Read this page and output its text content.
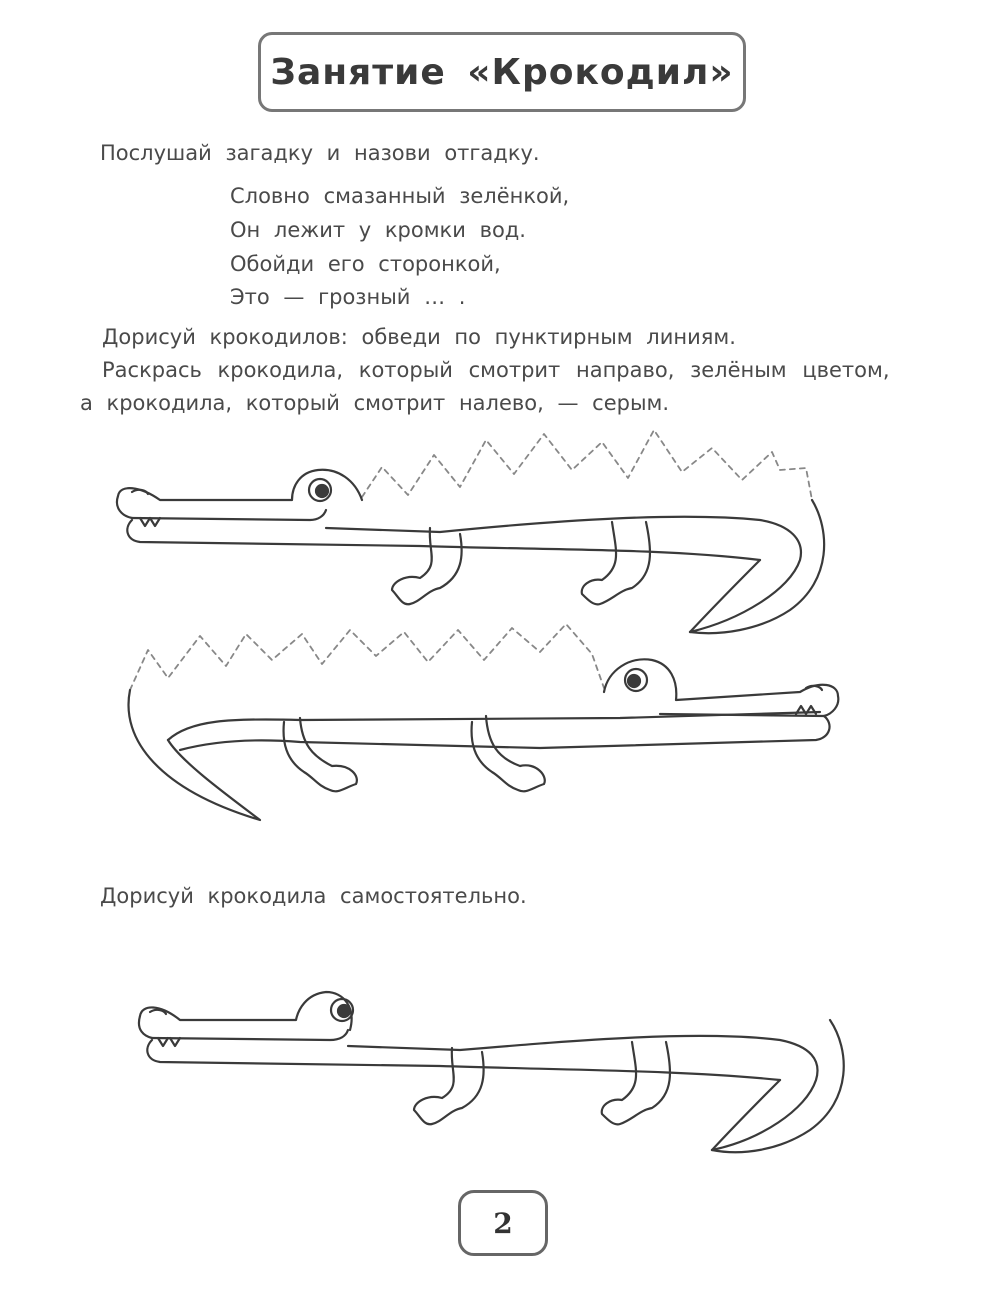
Занятие «Крокодил»
Послушай загадку и назови отгадку.
Словно смазанный зелёнкой,
Он лежит у кромки вод.
Обойди его сторонкой,
Это — грозный … .
Дорисуй крокодилов: обведи по пунктирным линиям.
Раскрась крокодила, который смотрит направо, зелёным цветом,
а крокодила, который смотрит налево, — серым.
Дорисуй крокодила самостоятельно.
2
